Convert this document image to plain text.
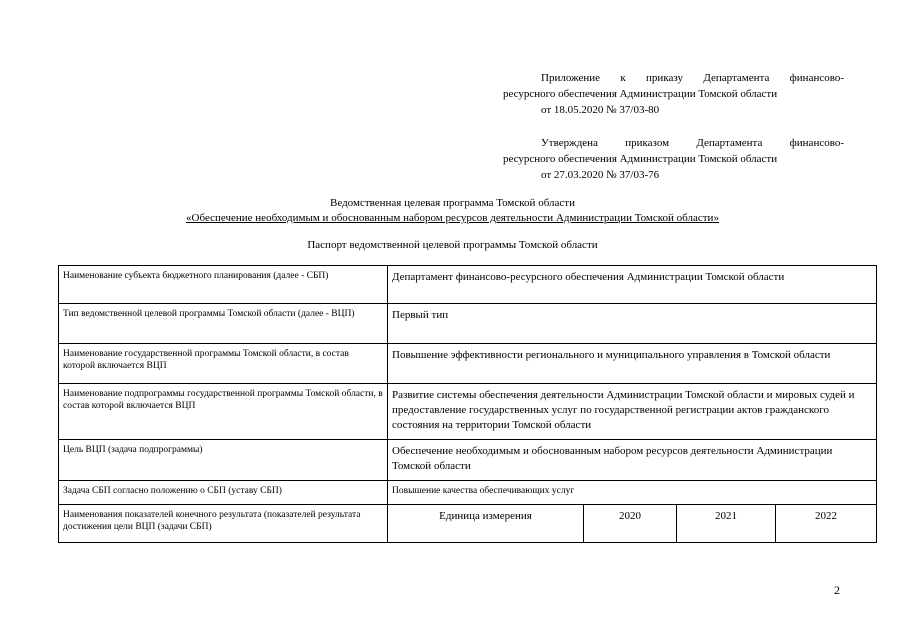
Приложение к приказу Департамента финансово-
ресурсного обеспечения Администрации Томской области
от 18.05.2020 № 37/03-80
Утверждена приказом Департамента финансово-
ресурсного обеспечения Администрации Томской области
от 27.03.2020 № 37/03-76
Ведомственная целевая программа Томской области
«Обеспечение необходимым и обоснованным набором ресурсов деятельности Администрации Томской области»
Паспорт ведомственной целевой программы Томской области
Наименование субъекта бюджетного планирования (далее - СБП)	Департамент финансово-ресурсного обеспечения Администрации Томской области			
Тип ведомственной целевой программы Томской области (далее - ВЦП)	Первый тип			
Наименование государственной программы Томской области, в состав которой включается ВЦП	Повышение эффективности регионального и муниципального управления в Томской области			
Наименование подпрограммы государственной программы Томской области, в состав которой включается ВЦП	Развитие системы обеспечения деятельности Администрации Томской области и мировых судей и предоставление государственных услуг по государственной регистрации актов гражданского состояния на территории Томской области			
Цель ВЦП (задача подпрограммы)	Обеспечение необходимым и обоснованным набором ресурсов деятельности Администрации Томской области			
Задача СБП согласно положению о СБП (уставу СБП)	Повышение качества обеспечивающих услуг			
Наименования показателей конечного результата (показателей результата достижения цели ВЦП (задачи СБП)	Единица измерения	2020	2021	2022
2
